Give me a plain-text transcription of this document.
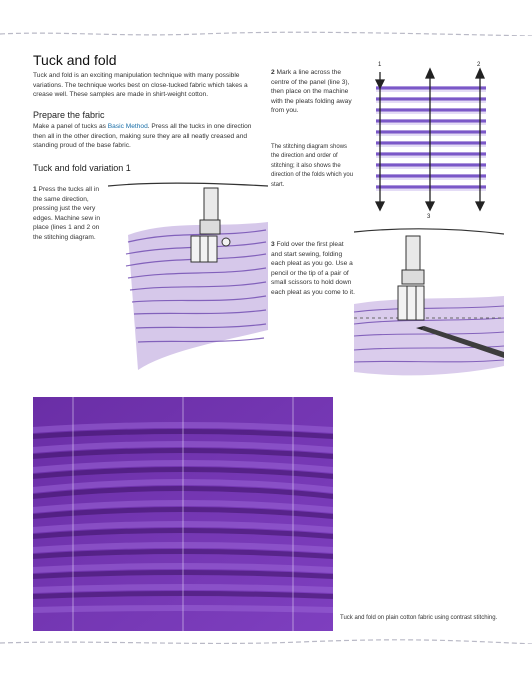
Tuck and fold
Tuck and fold is an exciting manipulation technique with many possible variations. The technique works best on close-tucked fabric which takes a crease well. These samples are made in shirt-weight cotton.
Prepare the fabric
Make a panel of tucks as Basic Method. Press all the tucks in one direction then all in the other direction, making sure they are all neatly creased and standing proud of the base fabric.
Tuck and fold variation 1
1 Press the tucks all in the same direction, pressing just the very edges. Machine sew in place (lines 1 and 2 on the stitching diagram.
2 Mark a line across the centre of the panel (line 3), then place on the machine with the pleats folding away from you.
The stitching diagram shows the direction and order of stitching; it also shows the direction of the folds which you start.
3 Fold over the first pleat and start sewing, folding each pleat as you go. Use a pencil or the tip of a pair of small scissors to hold down each pleat as you come to it.
1	2
3
Tuck and fold on plain cotton fabric using contrast stitching.
